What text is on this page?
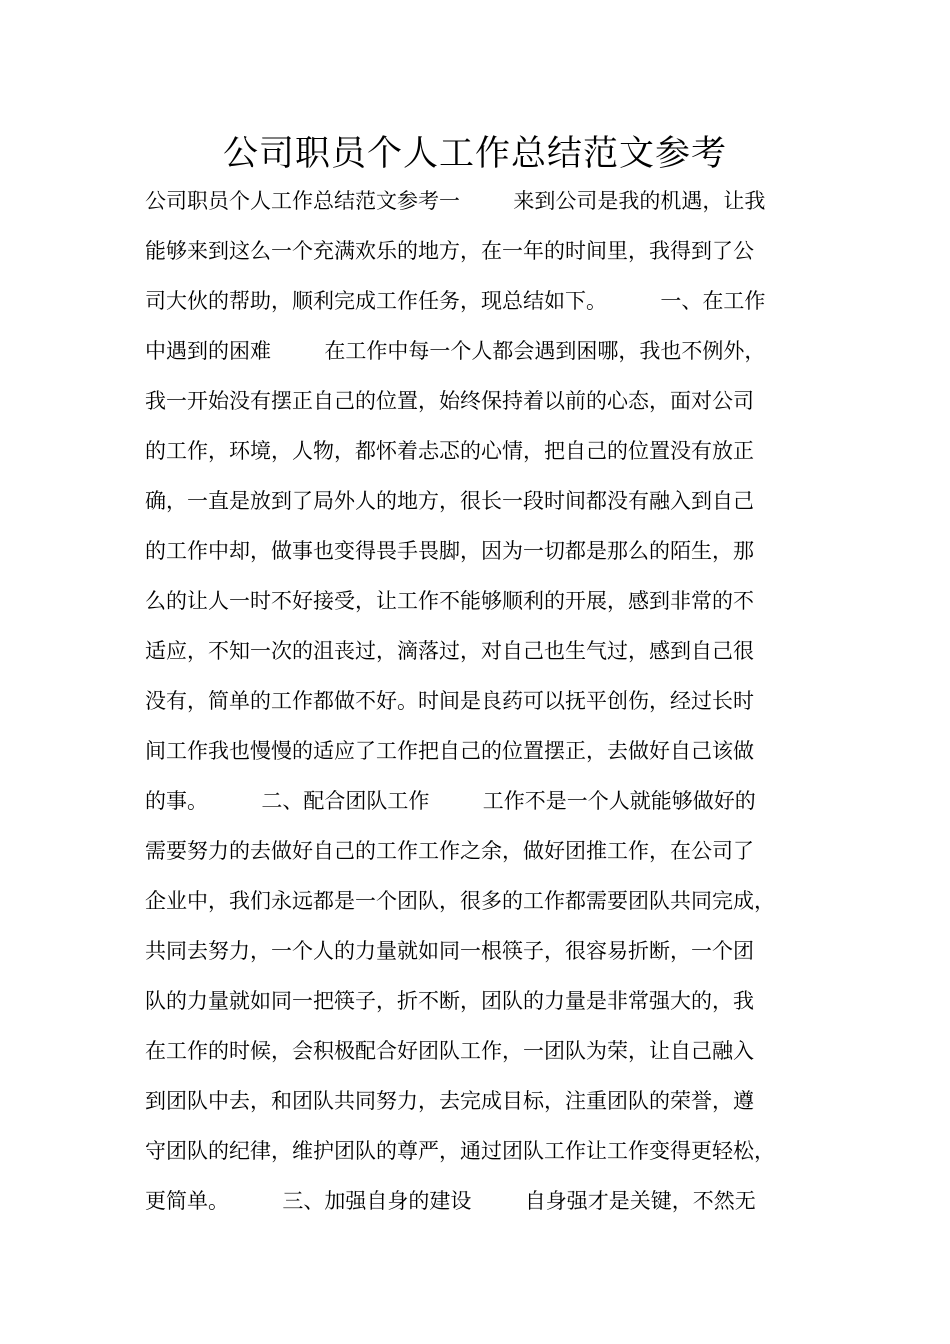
公司职员个人工作总结范文参考
公司职员个人工作总结范文参考一        来到公司是我的机遇，让我
能够来到这么一个充满欢乐的地方，在一年的时间里，我得到了公
司大伙的帮助，顺利完成工作任务，现总结如下。        一、在工作
中遇到的困难        在工作中每一个人都会遇到困哪，我也不例外，
我一开始没有摆正自己的位置，始终保持着以前的心态，面对公司
的工作，环境，人物，都怀着忐忑的心情，把自己的位置没有放正
确，一直是放到了局外人的地方，很长一段时间都没有融入到自己
的工作中却，做事也变得畏手畏脚，因为一切都是那么的陌生，那
么的让人一时不好接受，让工作不能够顺利的开展，感到非常的不
适应，不知一次的沮丧过，滴落过，对自己也生气过，感到自己很
没有，简单的工作都做不好。时间是良药可以抚平创伤，经过长时
间工作我也慢慢的适应了工作把自己的位置摆正，去做好自己该做
的事。        二、配合团队工作        工作不是一个人就能够做好的
需要努力的去做好自己的工作工作之余，做好团推工作，在公司了
企业中，我们永远都是一个团队，很多的工作都需要团队共同完成，
共同去努力，一个人的力量就如同一根筷子，很容易折断，一个团
队的力量就如同一把筷子，折不断，团队的力量是非常强大的，我
在工作的时候，会积极配合好团队工作，一团队为荣，让自己融入
到团队中去，和团队共同努力，去完成目标，注重团队的荣誉，遵
守团队的纪律，维护团队的尊严，通过团队工作让工作变得更轻松，
更简单。        三、加强自身的建设        自身强才是关键，不然无
